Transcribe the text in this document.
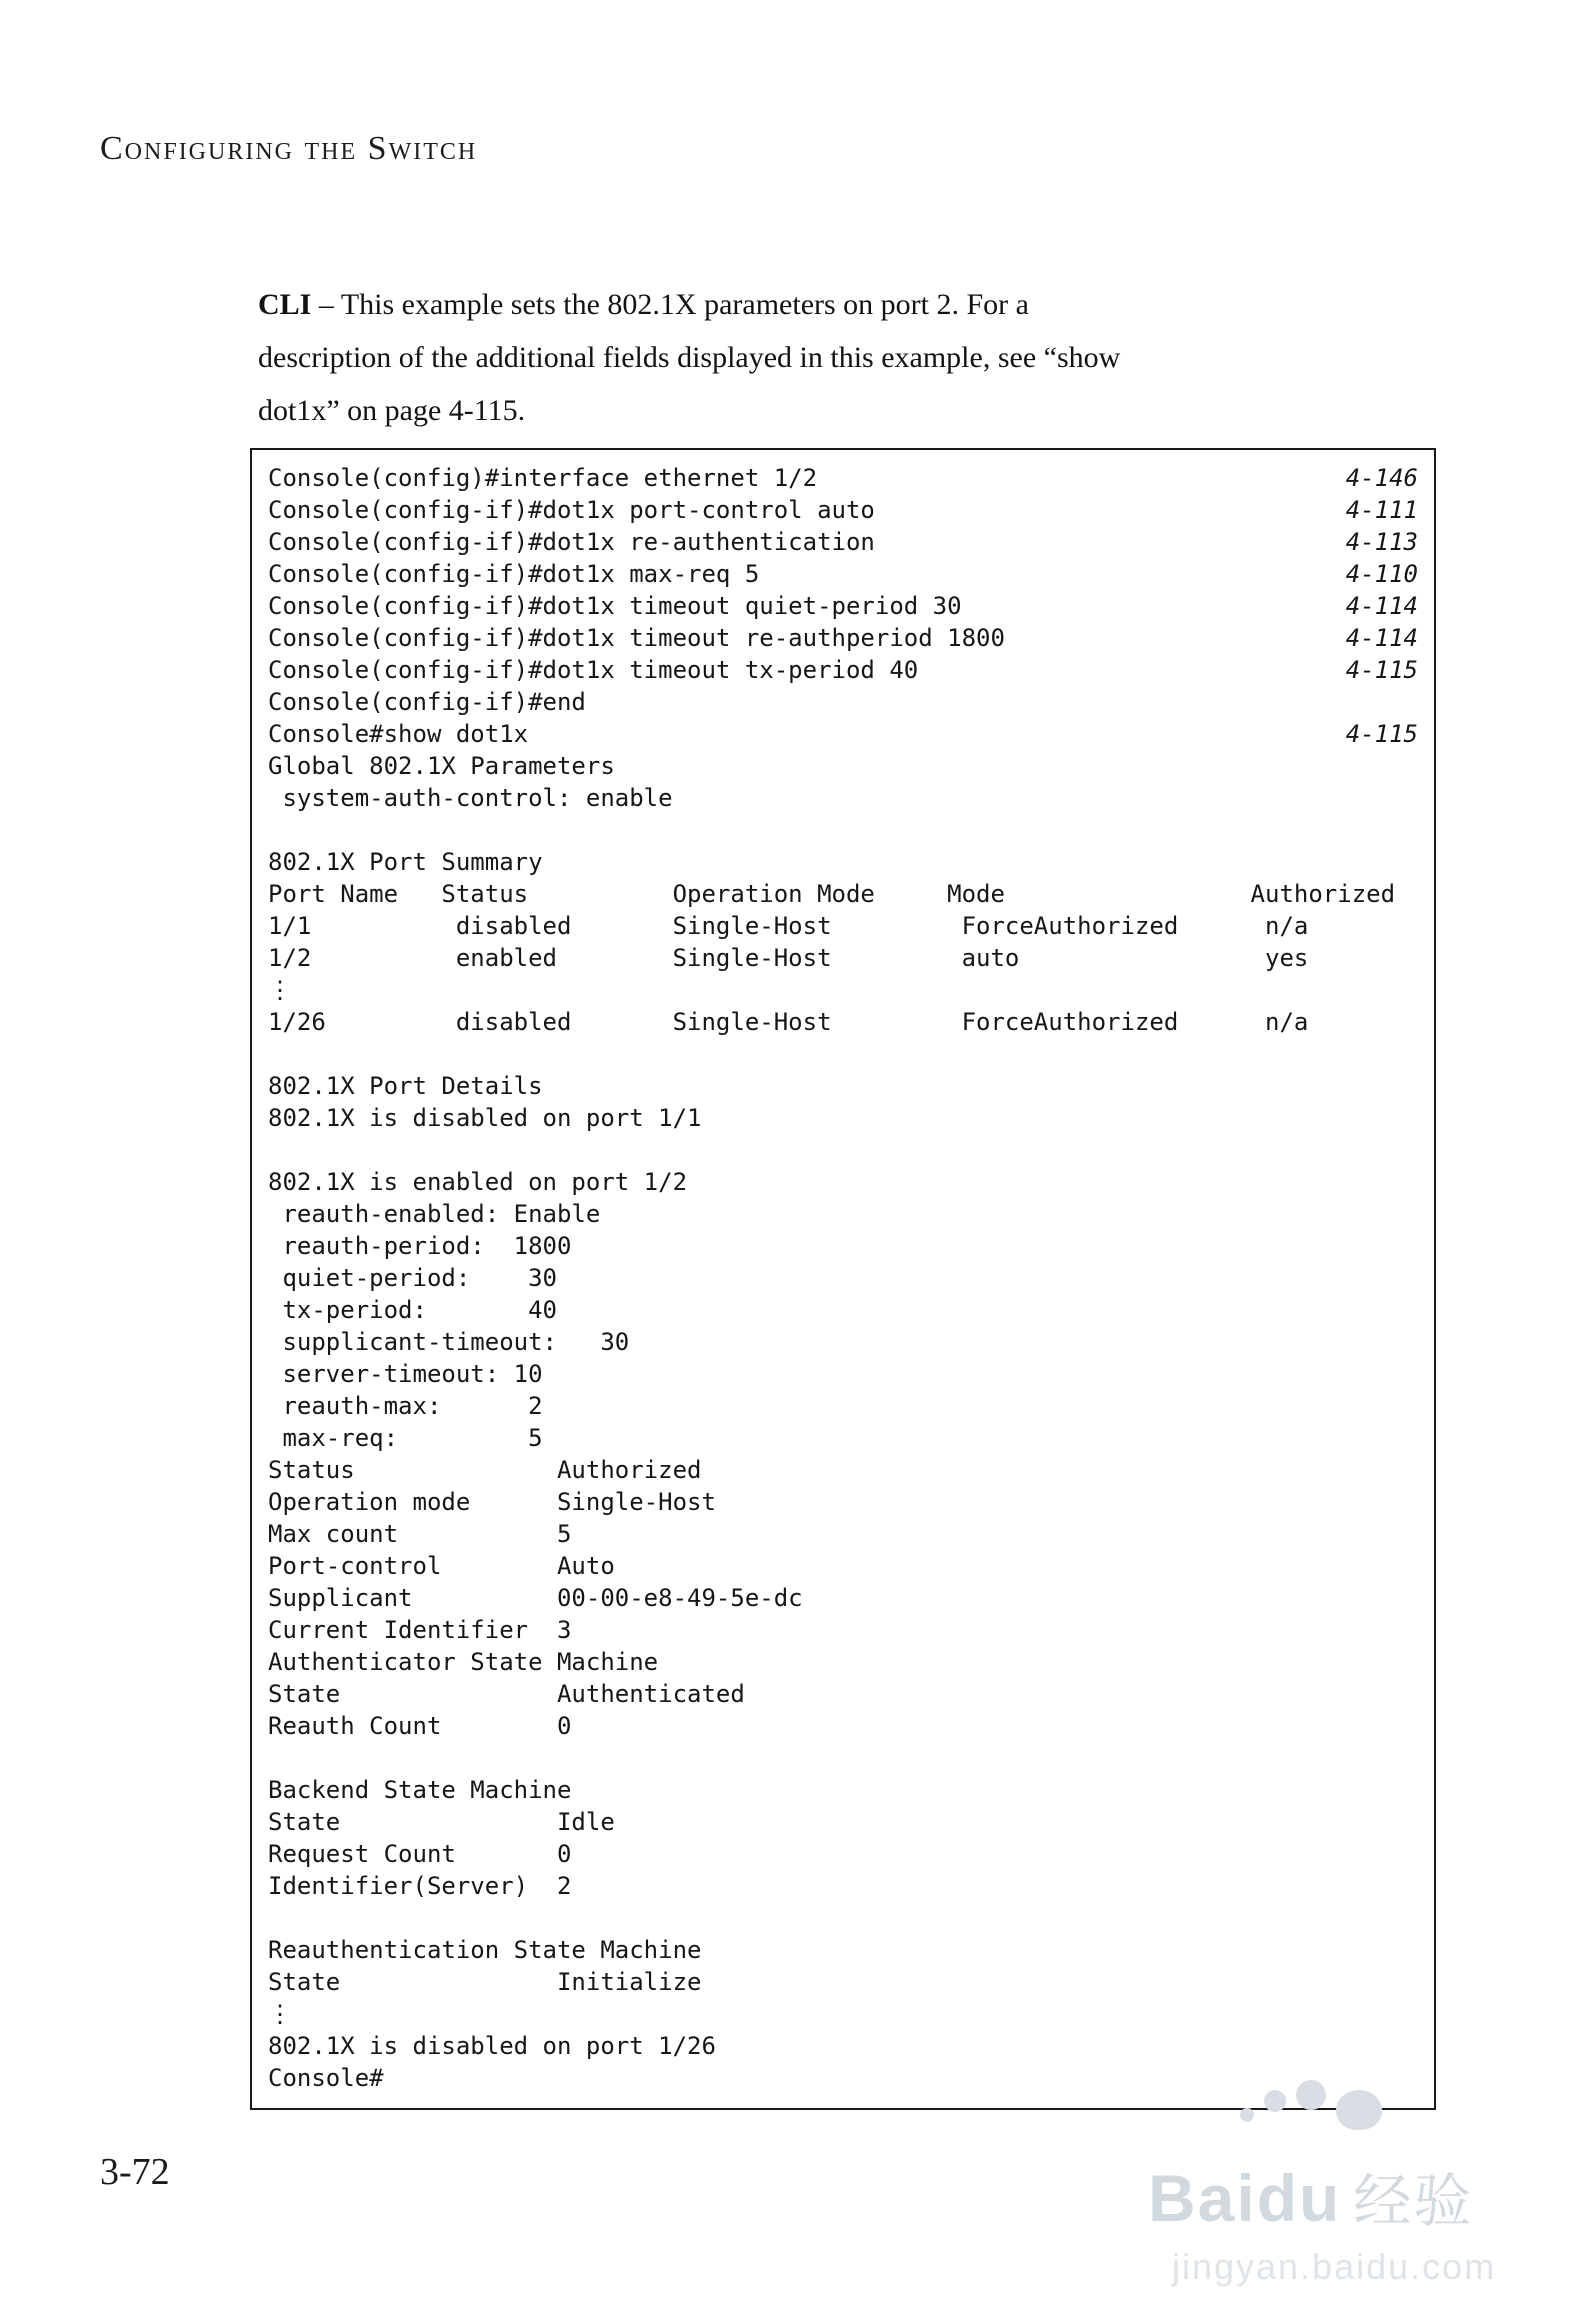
Configuring the Switch
CLI – This example sets the 802.1X parameters on port 2. For a
description of the additional fields displayed in this example, see “show
dot1x” on page 4-115.
Console(config)#interface ethernet 1/2	4-146
Console(config-if)#dot1x port-control auto	4-111
Console(config-if)#dot1x re-authentication	4-113
Console(config-if)#dot1x max-req 5	4-110
Console(config-if)#dot1x timeout quiet-period 30	4-114
Console(config-if)#dot1x timeout re-authperiod 1800	4-114
Console(config-if)#dot1x timeout tx-period 40	4-115
Console(config-if)#end
Console#show dot1x	4-115
Global 802.1X Parameters
system-auth-control: enable
802.1X Port Summary
Port Name   Status          Operation Mode     Mode                 Authorized
1/1          disabled       Single-Host         ForceAuthorized      n/a
1/2          enabled        Single-Host         auto                 yes
⋮
1/26         disabled       Single-Host         ForceAuthorized      n/a
802.1X Port Details
802.1X is disabled on port 1/1
802.1X is enabled on port 1/2
reauth-enabled: Enable
reauth-period:  1800
quiet-period:    30
tx-period:       40
supplicant-timeout:   30
server-timeout: 10
reauth-max:      2
max-req:         5
Status              Authorized
Operation mode      Single-Host
Max count           5
Port-control        Auto
Supplicant          00-00-e8-49-5e-dc
Current Identifier  3
Authenticator State Machine
State               Authenticated
Reauth Count        0
Backend State Machine
State               Idle
Request Count       0
Identifier(Server)  2
Reauthentication State Machine
State               Initialize
⋮
802.1X is disabled on port 1/26
Console#
3-72	Baidu 经验
jingyan.baidu.com
